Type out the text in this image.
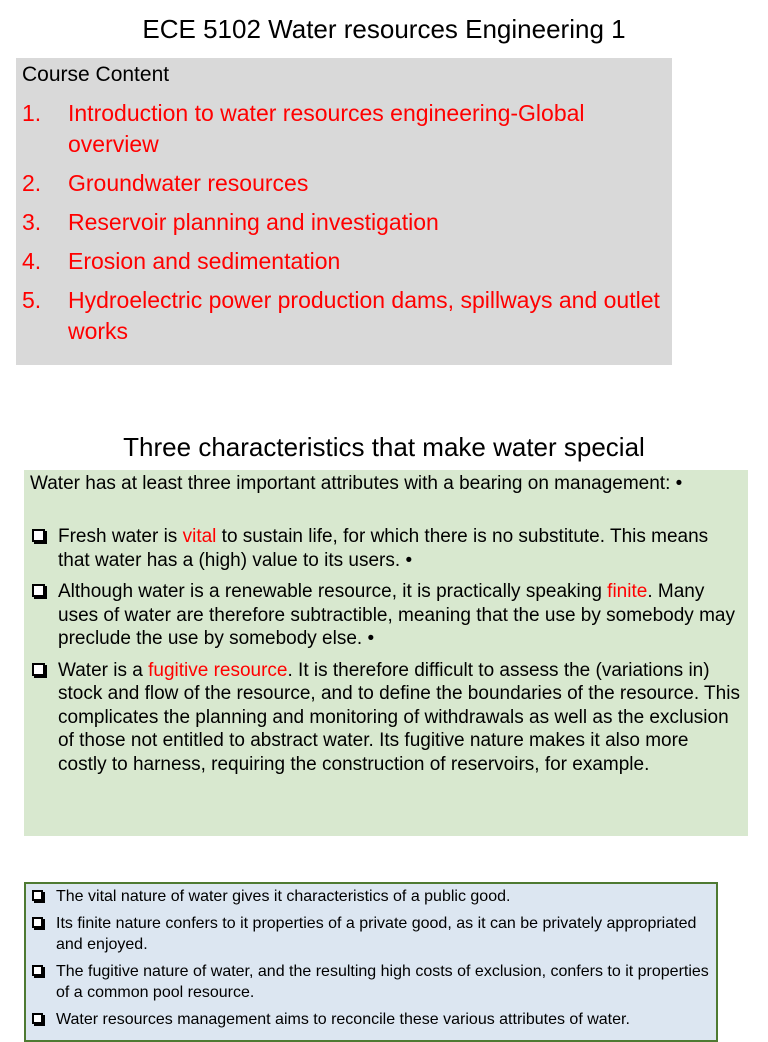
ECE 5102 Water resources Engineering 1
Course Content
1. Introduction to water resources engineering-Global overview
2. Groundwater resources
3. Reservoir planning and investigation
4. Erosion and sedimentation
5. Hydroelectric power production dams, spillways and outlet works
Three characteristics that make water special
Water has at least three important attributes with a bearing on management: •
Fresh water is vital to sustain life, for which there is no substitute. This means that water has a (high) value to its users. •
Although water is a renewable resource, it is practically speaking finite. Many uses of water are therefore subtractible, meaning that the use by somebody may preclude the use by somebody else. •
Water is a fugitive resource. It is therefore difficult to assess the (variations in) stock and flow of the resource, and to define the boundaries of the resource. This complicates the planning and monitoring of withdrawals as well as the exclusion of those not entitled to abstract water. Its fugitive nature makes it also more costly to harness, requiring the construction of reservoirs, for example.
The vital nature of water gives it characteristics of a public good.
Its finite nature confers to it properties of a private good, as it can be privately appropriated and enjoyed.
The fugitive nature of water, and the resulting high costs of exclusion, confers to it properties of a common pool resource.
Water resources management aims to reconcile these various attributes of water.
